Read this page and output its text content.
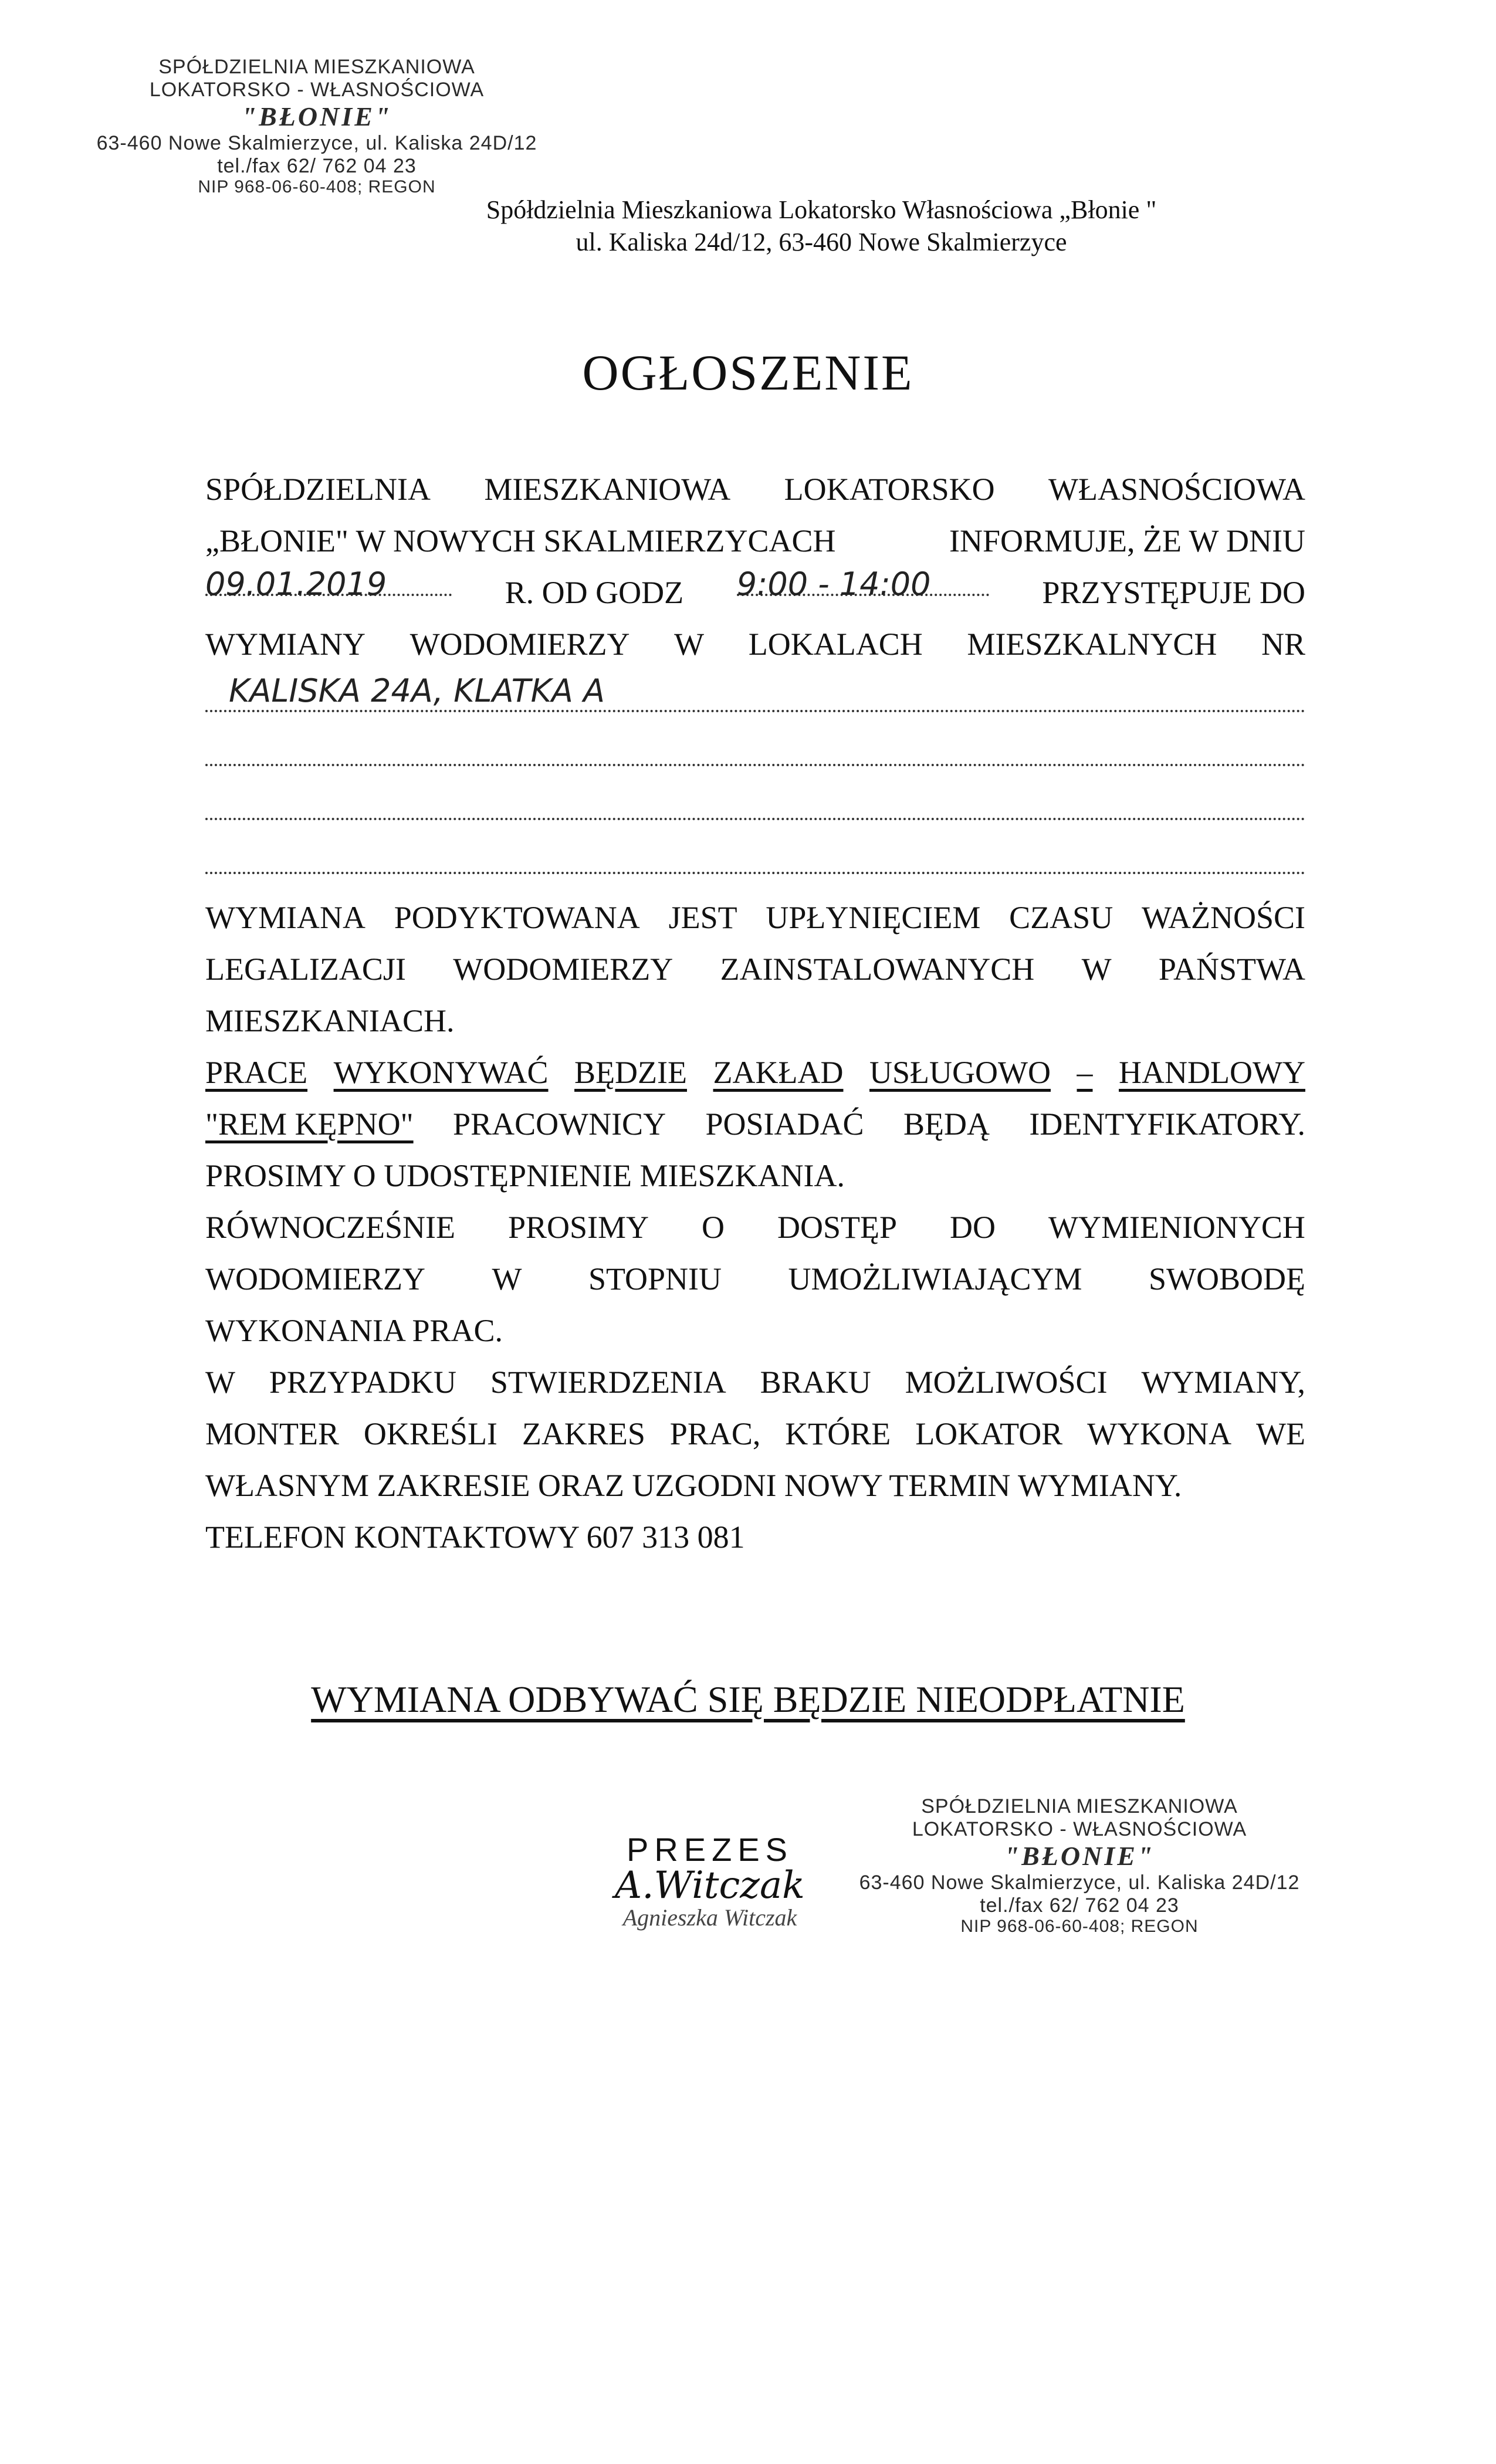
SPÓŁDZIELNIA MIESZKANIOWA
LOKATORSKO - WŁASNOŚCIOWA
"BŁONIE"
63-460 Nowe Skalmierzyce, ul. Kaliska 24D/12
tel./fax 62/ 762 04 23
NIP 968-06-60-408; REGON
Spółdzielnia Mieszkaniowa Lokatorsko Własnościowa „Błonie "
ul. Kaliska 24d/12, 63-460 Nowe Skalmierzyce
OGŁOSZENIE
SPÓŁDZIELNIA MIESZKANIOWA LOKATORSKO WŁASNOŚCIOWA
„BŁONIE" W NOWYCH SKALMIERZYCACH	INFORMUJE, ŻE W DNIU
09.01.2019	R. OD GODZ 9:00 - 14:00	PRZYSTĘPUJE DO
WYMIANY WODOMIERZY W LOKALACH MIESZKALNYCH NR
KALISKA 24A, KLATKA A
WYMIANA PODYKTOWANA JEST UPŁYNIĘCIEM CZASU WAŻNOŚCI
LEGALIZACJI WODOMIERZY ZAINSTALOWANYCH W PAŃSTWA
MIESZKANIACH.
PRACE WYKONYWAĆ BĘDZIE ZAKŁAD USŁUGOWO – HANDLOWY
"REM KĘPNO" PRACOWNICY POSIADAĆ BĘDĄ IDENTYFIKATORY.
PROSIMY O UDOSTĘPNIENIE MIESZKANIA.
RÓWNOCZEŚNIE PROSIMY O DOSTĘP DO WYMIENIONYCH
WODOMIERZY W STOPNIU UMOŻLIWIAJĄCYM SWOBODĘ
WYKONANIA PRAC.
W PRZYPADKU STWIERDZENIA BRAKU MOŻLIWOŚCI WYMIANY,
MONTER OKREŚLI ZAKRES PRAC, KTÓRE LOKATOR WYKONA WE
WŁASNYM ZAKRESIE ORAZ UZGODNI NOWY TERMIN WYMIANY.
TELEFON KONTAKTOWY 607 313 081
WYMIANA ODBYWAĆ SIĘ BĘDZIE NIEODPŁATNIE
PREZES
A.Witczak
Agnieszka Witczak
SPÓŁDZIELNIA MIESZKANIOWA
LOKATORSKO - WŁASNOŚCIOWA
"BŁONIE"
63-460 Nowe Skalmierzyce, ul. Kaliska 24D/12
tel./fax 62/ 762 04 23
NIP 968-06-60-408; REGON
